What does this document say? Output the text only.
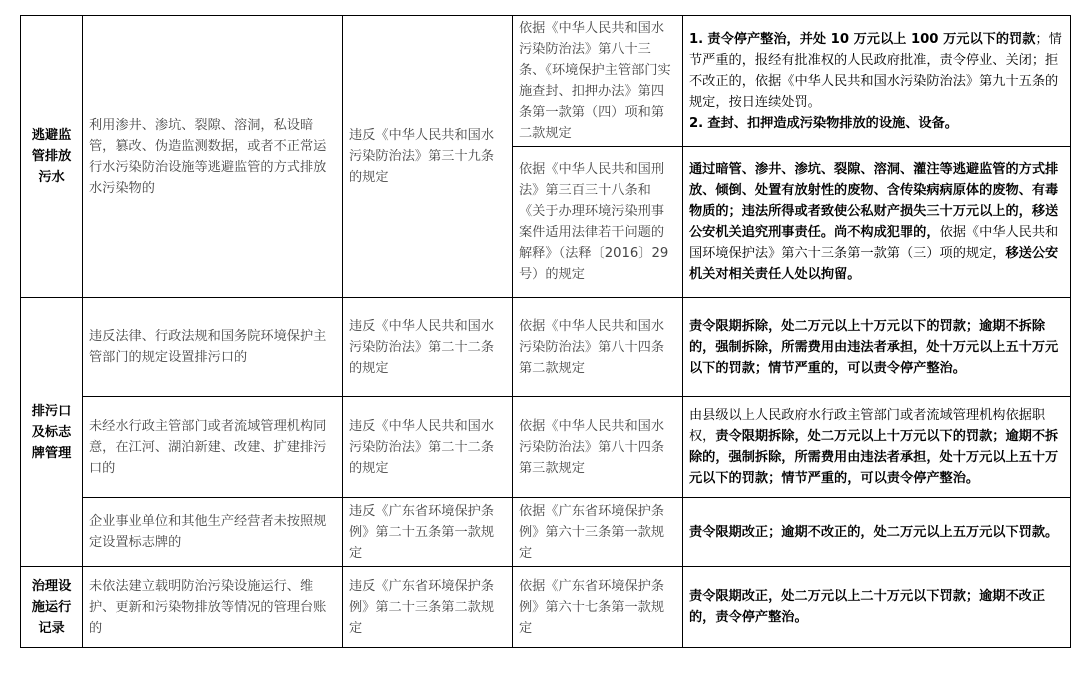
逃避监管排放污水	利用渗井、渗坑、裂隙、溶洞，私设暗管，篡改、伪造监测数据，或者不正常运行水污染防治设施等逃避监管的方式排放水污染物的	违反《中华人民共和国水污染防治法》第三十九条的规定	依据《中华人民共和国水污染防治法》第八十三条、《环境保护主管部门实施查封、扣押办法》第四条第一款第（四）项和第二款规定	1. 责令停产整治，并处 10 万元以上 100 万元以下的罚款；情节严重的，报经有批准权的人民政府批准，责令停业、关闭；拒不改正的，依据《中华人民共和国水污染防治法》第九十五条的规定，按日连续处罚。
2. 查封、扣押造成污染物排放的设施、设备。

			依据《中华人民共和国刑法》第三百三十八条和《关于办理环境污染刑事案件适用法律若干问题的解释》（法释〔2016〕29 号）的规定	通过暗管、渗井、渗坑、裂隙、溶洞、灌注等逃避监管的方式排放、倾倒、处置有放射性的废物、含传染病病原体的废物、有毒物质的；违法所得或者致使公私财产损失三十万元以上的，移送公安机关追究刑事责任。尚不构成犯罪的，依据《中华人民共和国环境保护法》第六十三条第一款第（三）项的规定，移送公安机关对相关责任人处以拘留。
排污口及标志牌管理	违反法律、行政法规和国务院环境保护主管部门的规定设置排污口的	违反《中华人民共和国水污染防治法》第二十二条的规定	依据《中华人民共和国水污染防治法》第八十四条第二款规定	责令限期拆除，处二万元以上十万元以下的罚款；逾期不拆除的，强制拆除，所需费用由违法者承担，处十万元以上五十万元以下的罚款；情节严重的，可以责令停产整治。
	未经水行政主管部门或者流域管理机构同意，在江河、湖泊新建、改建、扩建排污口的	违反《中华人民共和国水污染防治法》第二十二条的规定	依据《中华人民共和国水污染防治法》第八十四条第三款规定	由县级以上人民政府水行政主管部门或者流域管理机构依据职权，责令限期拆除，处二万元以上十万元以下的罚款；逾期不拆除的，强制拆除，所需费用由违法者承担，处十万元以上五十万元以下的罚款；情节严重的，可以责令停产整治。
	企业事业单位和其他生产经营者未按照规定设置标志牌的	违反《广东省环境保护条例》第二十五条第一款规定	依据《广东省环境保护条例》第六十三条第一款规定	责令限期改正；逾期不改正的，处二万元以上五万元以下罚款。
治理设施运行记录	未依法建立载明防治污染设施运行、维护、更新和污染物排放等情况的管理台账的	违反《广东省环境保护条例》第二十三条第二款规定	依据《广东省环境保护条例》第六十七条第一款规定	责令限期改正，处二万元以上二十万元以下罚款；逾期不改正的，责令停产整治。
